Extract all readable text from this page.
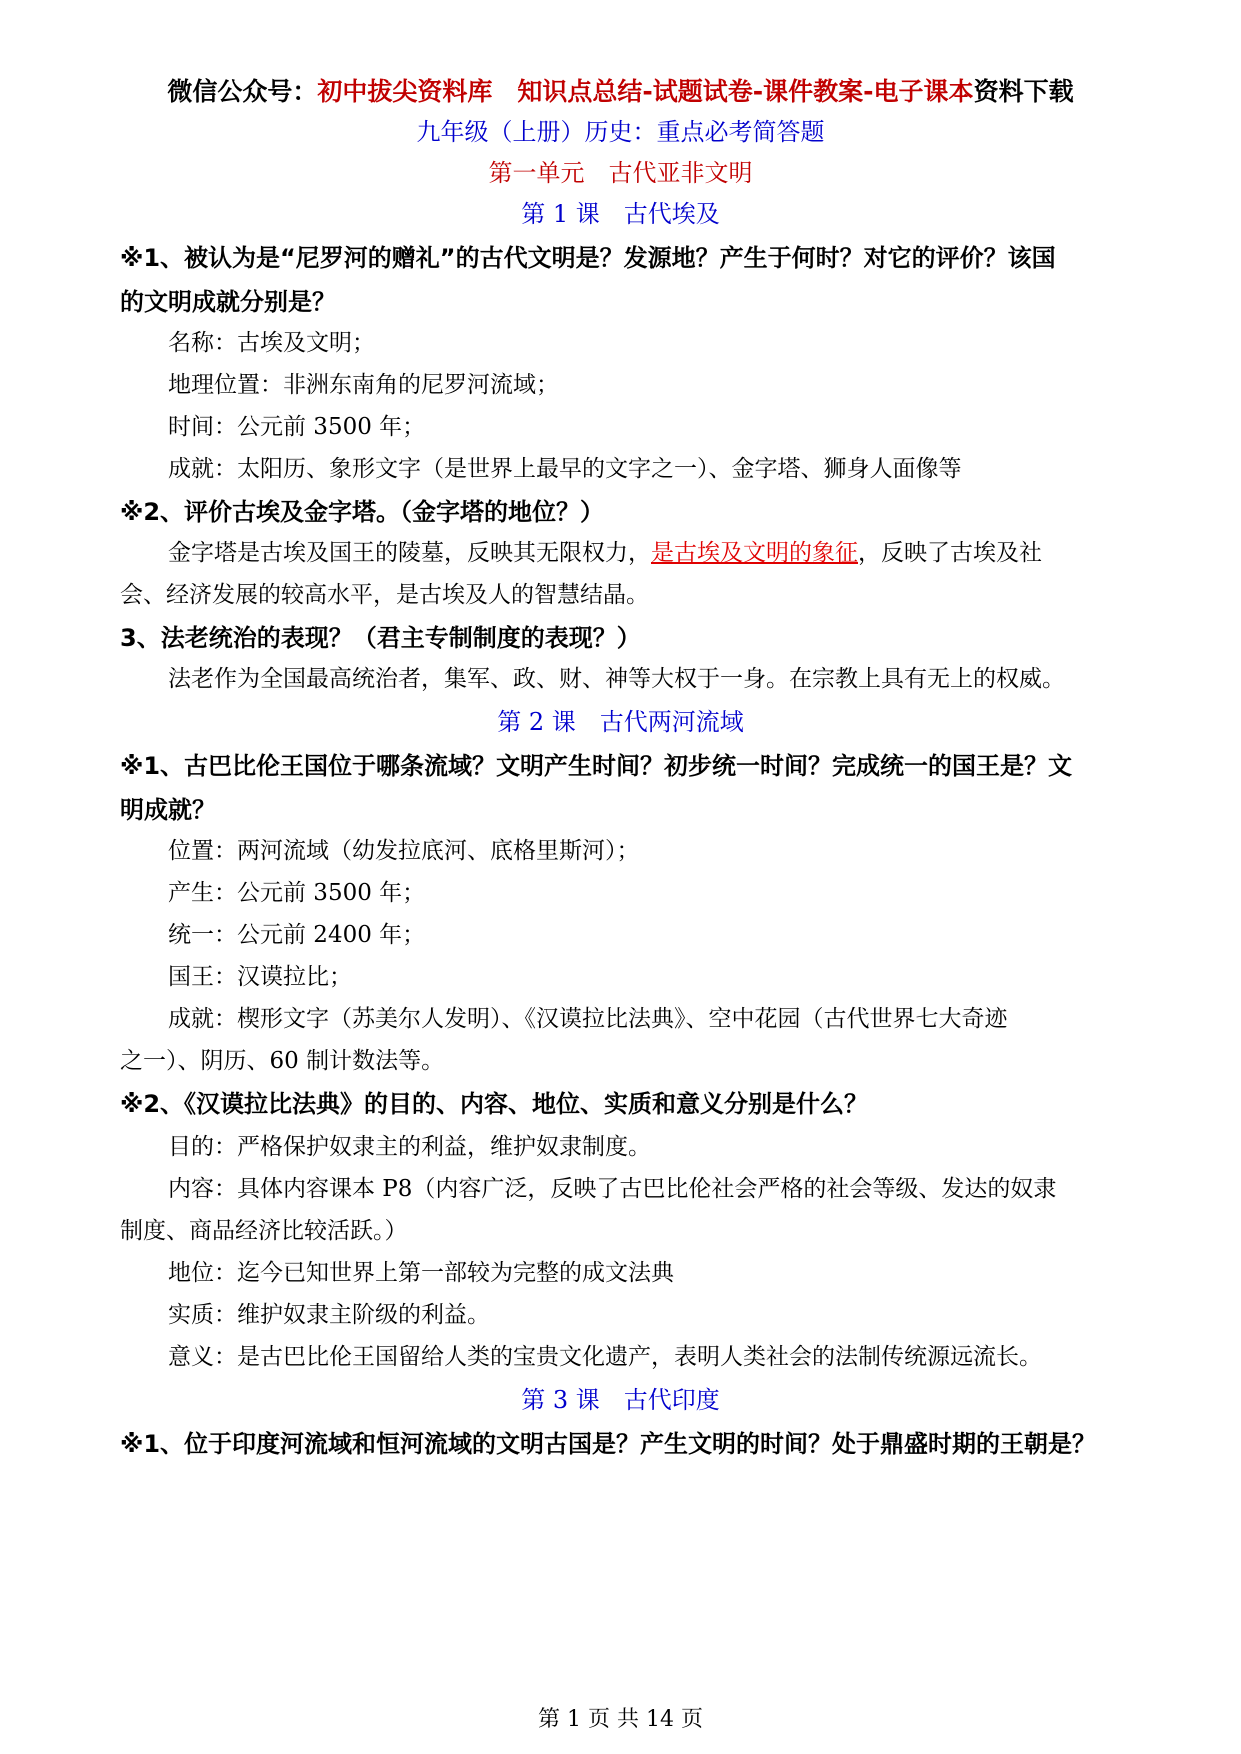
微信公众号：初中拔尖资料库　知识点总结-试题试卷-课件教案-电子课本资料下载
九年级（上册）历史：重点必考简答题
第一单元　古代亚非文明
第 1 课　古代埃及
※1、被认为是“尼罗河的赠礼”的古代文明是？发源地？产生于何时？对它的评价？该国
的文明成就分别是？
名称：古埃及文明；
地理位置：非洲东南角的尼罗河流域；
时间：公元前 3500 年；
成就：太阳历、象形文字（是世界上最早的文字之一）、金字塔、狮身人面像等
※2、评价古埃及金字塔。（金字塔的地位？）
金字塔是古埃及国王的陵墓，反映其无限权力，是古埃及文明的象征，反映了古埃及社
会、经济发展的较高水平，是古埃及人的智慧结晶。
3、法老统治的表现？（君主专制制度的表现？）
法老作为全国最高统治者，集军、政、财、神等大权于一身。在宗教上具有无上的权威。
第 2 课　古代两河流域
※1、古巴比伦王国位于哪条流域？文明产生时间？初步统一时间？完成统一的国王是？文
明成就？
位置：两河流域（幼发拉底河、底格里斯河）；
产生：公元前 3500 年；
统一：公元前 2400 年；
国王：汉谟拉比；
成就：楔形文字（苏美尔人发明）、《汉谟拉比法典》、空中花园（古代世界七大奇迹
之一）、阴历、60 制计数法等。
※2、《汉谟拉比法典》的目的、内容、地位、实质和意义分别是什么？
目的：严格保护奴隶主的利益，维护奴隶制度。
内容：具体内容课本 P8（内容广泛，反映了古巴比伦社会严格的社会等级、发达的奴隶
制度、商品经济比较活跃。）
地位：迄今已知世界上第一部较为完整的成文法典
实质：维护奴隶主阶级的利益。
意义：是古巴比伦王国留给人类的宝贵文化遗产，表明人类社会的法制传统源远流长。
第 3 课　古代印度
※1、位于印度河流域和恒河流域的文明古国是？产生文明的时间？处于鼎盛时期的王朝是？
第 1 页 共 14 页
